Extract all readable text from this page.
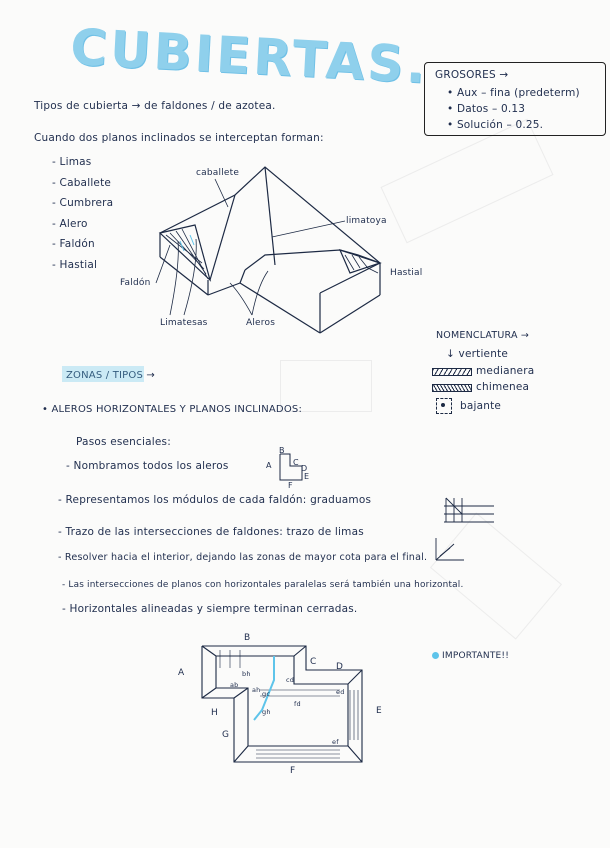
CUBIERTAS.
Tipos de cubierta → de faldones / de azotea.
Cuando dos planos inclinados se interceptan forman:
- Limas
- Caballete
- Cumbrera
- Alero
- Faldón
- Hastial
GROSORES →
• Aux – fina (predeterm)
• Datos – 0.13
• Solución – 0.25.
caballete
limatoya
Hastial
Faldón
Limatesas	Aleros
NOMENCLATURA →
↓ vertiente
medianera
chimenea
bajante
ZONAS / TIPOS →
• ALEROS HORIZONTALES Y PLANOS INCLINADOS:
Pasos esenciales:
- Nombramos todos los aleros
- Representamos los módulos de cada faldón: graduamos
- Trazo de las intersecciones de faldones: trazo de limas
- Resolver hacia el interior, dejando las zonas de mayor cota para el final.
- Las intersecciones de planos con horizontales paralelas será también una horizontal.
- Horizontales alineadas y siempre terminan cerradas.
A
B
C
D
E
F
IMPORTANTE!!
A
B
C D
E
F
G
H
ab
bh
ah
gh
gc
fd
ed
ef
cd
